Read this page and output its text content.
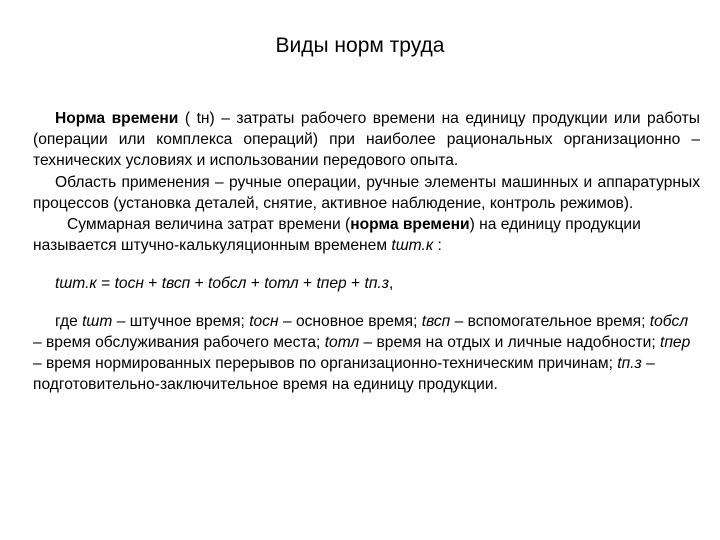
Виды норм труда

Норма времени ( tн) – затраты рабочего времени на единицу продукции или работы (операции или комплекса операций) при наиболее рациональных организационно – технических условиях и использовании передового опыта.

Область применения – ручные операции, ручные элементы машинных и аппаратурных процессов (установка деталей, снятие, активное наблюдение, контроль режимов).

Суммарная величина затрат времени (норма времени) на единицу продукции называется штучно-калькуляционным временем tшт.к :

tшт.к = tосн + tвсп + tобсл + tотл + tпер + tп.з,

где tшт – штучное время; tосн – основное время; tвсп – вспомогательное время; tобсл – время обслуживания рабочего места; tотл – время на отдых и личные надобности; tпер – время нормированных перерывов по организационно-техническим причинам; tп.з – подготовительно-заключительное время на единицу продукции.
